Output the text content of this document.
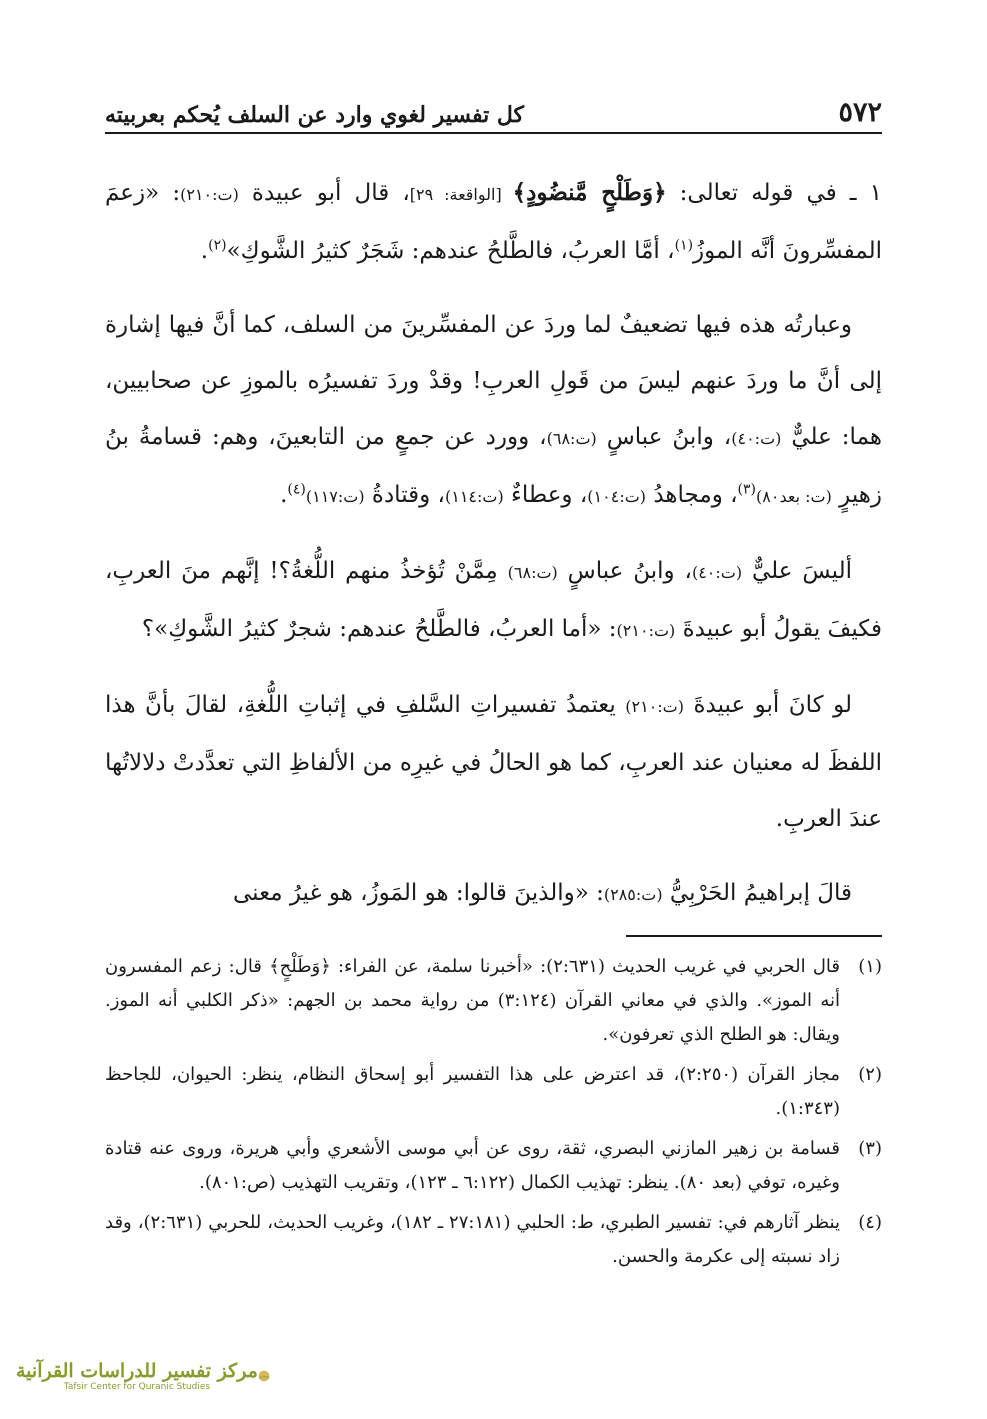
٥٧٢
كل تفسير لغوي وارد عن السلف يُحكم بعربيته

١ ـ في قوله تعالى: ﴿وَطَلْحٍ مَّنضُودٍ﴾ [الواقعة: ٢٩]، قال أبو عبيدة (ت:٢١٠): «زعمَ المفسِّرونَ أنَّه الموزُ$^{(١)}$، أمَّا العربُ، فالطَّلحُ عندهم: شَجَرٌ كثيرُ الشَّوكِ»$^{(٢)}$.

وعبارتُه هذه فيها تضعيفٌ لما وردَ عن المفسِّرينَ من السلف، كما أنَّ فيها إشارة إلى أنَّ ما وردَ عنهم ليسَ من قَولِ العربِ! وقدْ وردَ تفسيرُه بالموزِ عن صحابيين، هما: عليٌّ (ت:٤٠)، وابنُ عباسٍ (ت:٦٨)، وورد عن جمعٍ من التابعينَ، وهم: قسامةُ بنُ زهيرٍ (ت: بعد٨٠)$^{(٣)}$، ومجاهدُ (ت:١٠٤)، وعطاءٌ (ت:١١٤)، وقتادةُ (ت:١١٧)$^{(٤)}$.

أليسَ عليٌّ (ت:٤٠)، وابنُ عباسٍ (ت:٦٨) مِمَّنْ تُؤخذُ منهم اللُّغةُ؟! إنَّهم منَ العربِ، فكيفَ يقولُ أبو عبيدةَ (ت:٢١٠): «أما العربُ، فالطَّلحُ عندهم: شجرٌ كثيرُ الشَّوكِ»؟

لو كانَ أبو عبيدةَ (ت:٢١٠) يعتمدُ تفسيراتِ السَّلفِ في إثباتِ اللُّغةِ، لقالَ بأنَّ هذا اللفظَ له معنيان عند العربِ، كما هو الحالُ في غيرِه من الألفاظِ التي تعدَّدتْ دلالاتُها عندَ العربِ.

قالَ إبراهيمُ الحَرْبِيُّ (ت:٢٨٥): «والذينَ قالوا: هو المَوزُ، هو غيرُ معنى

(١)
قال الحربي في غريب الحديث (٢:٦٣١): «أخبرنا سلمة، عن الفراء: ﴿وَطَلْحٍ﴾ قال: زعم المفسرون أنه الموز». والذي في معاني القرآن (٣:١٢٤) من رواية محمد بن الجهم: «ذكر الكلبي أنه الموز. ويقال: هو الطلح الذي تعرفون».
(٢)
مجاز القرآن (٢:٢٥٠)، قد اعترض على هذا التفسير أبو إسحاق النظام، ينظر: الحيوان، للجاحظ (١:٣٤٣).
(٣)
قسامة بن زهير المازني البصري، ثقة، روى عن أبي موسى الأشعري وأبي هريرة، وروى عنه قتادة وغيره، توفي (بعد ٨٠). ينظر: تهذيب الكمال (٦:١٢٢ ـ ١٢٣)، وتقريب التهذيب (ص:٨٠١).
(٤)
ينظر آثارهم في: تفسير الطبري، ط: الحلبي (٢٧:١٨١ ـ ١٨٢)، وغريب الحديث، للحربي (٢:٦٣١)، وقد زاد نسبته إلى عكرمة والحسن.
مركز تفسير للدراسات القرآنية
Tafsir Center for Quranic Studies
تفسير
